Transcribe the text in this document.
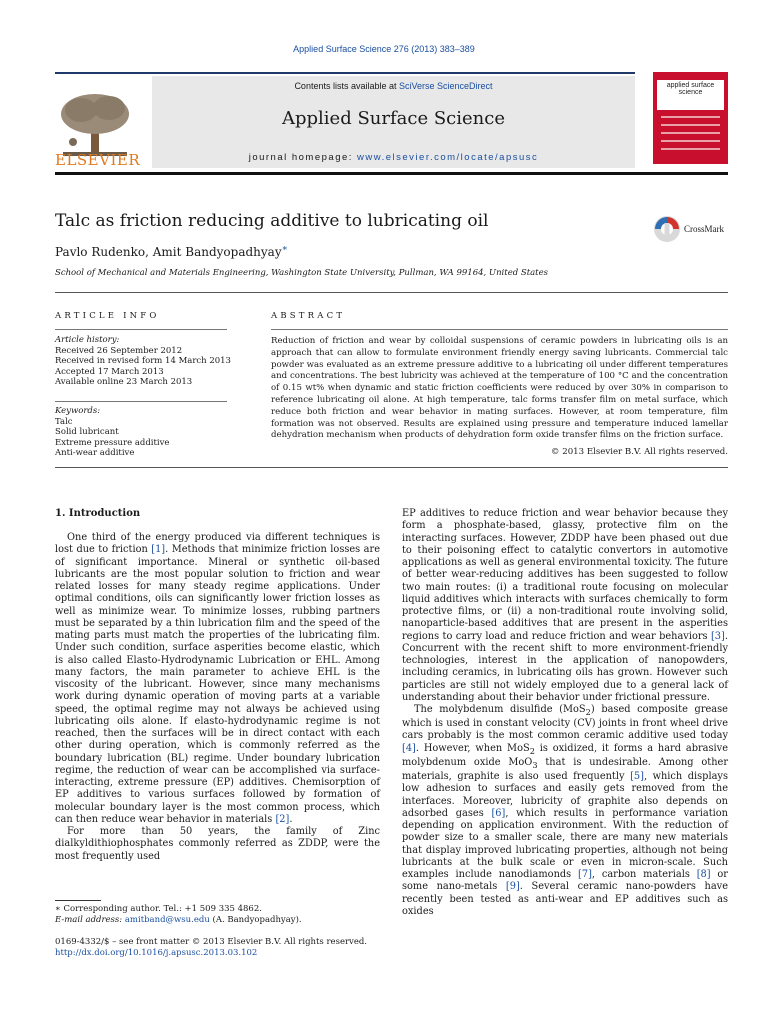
Applied Surface Science 276 (2013) 383–389
ELSEVIER
Contents lists available at SciVerse ScienceDirect
Applied Surface Science
journal homepage: www.elsevier.com/locate/apsusc
applied surface science
Talc as friction reducing additive to lubricating oil
Pavlo Rudenko, Amit Bandyopadhyay∗
School of Mechanical and Materials Engineering, Washington State University, Pullman, WA 99164, United States
CrossMark
ARTICLE INFO
Article history:
Received 26 September 2012
Received in revised form 14 March 2013
Accepted 17 March 2013
Available online 23 March 2013
Keywords:
Talc
Solid lubricant
Extreme pressure additive
Anti-wear additive
ABSTRACT
Reduction of friction and wear by colloidal suspensions of ceramic powders in lubricating oils is an approach that can allow to formulate environment friendly energy saving lubricants. Commercial talc powder was evaluated as an extreme pressure additive to a lubricating oil under different temperatures and concentrations. The best lubricity was achieved at the temperature of 100 °C and the concentration of 0.15 wt% when dynamic and static friction coefficients were reduced by over 30% in comparison to reference lubricating oil alone. At high temperature, talc forms transfer film on metal surface, which reduce both friction and wear behavior in mating surfaces. However, at room temperature, film formation was not observed. Results are explained using pressure and temperature induced lamellar dehydration mechanism when products of dehydration form oxide transfer films on the friction surface.
© 2013 Elsevier B.V. All rights reserved.
1. Introduction

One third of the energy produced via different techniques is lost due to friction [1]. Methods that minimize friction losses are of significant importance. Mineral or synthetic oil-based lubricants are the most popular solution to friction and wear related losses for many steady regime applications. Under optimal conditions, oils can significantly lower friction losses as well as minimize wear. To minimize losses, rubbing partners must be separated by a thin lubrication film and the speed of the mating parts must match the properties of the lubricating film. Under such condition, surface asperities become elastic, which is also called Elasto-Hydrodynamic Lubrication or EHL. Among many factors, the main parameter to achieve EHL is the viscosity of the lubricant. However, since many mechanisms work during dynamic operation of moving parts at a variable speed, the optimal regime may not always be achieved using lubricating oils alone. If elasto-hydrodynamic regime is not reached, then the surfaces will be in direct contact with each other during operation, which is commonly referred as the boundary lubrication (BL) regime. Under boundary lubrication regime, the reduction of wear can be accomplished via surface-interacting, extreme pressure (EP) additives. Chemisorption of EP additives to various surfaces followed by formation of molecular boundary layer is the most common process, which can then reduce wear behavior in materials [2].

For more than 50 years, the family of Zinc dialkyldithiophosphates commonly referred as ZDDP, were the most frequently used

EP additives to reduce friction and wear behavior because they form a phosphate-based, glassy, protective film on the interacting surfaces. However, ZDDP have been phased out due to their poisoning effect to catalytic convertors in automotive applications as well as general environmental toxicity. The future of better wear-reducing additives has been suggested to follow two main routes: (i) a traditional route focusing on molecular liquid additives which interacts with surfaces chemically to form protective films, or (ii) a non-traditional route involving solid, nanoparticle-based additives that are present in the asperities regions to carry load and reduce friction and wear behaviors [3]. Concurrent with the recent shift to more environment-friendly technologies, interest in the application of nanopowders, including ceramics, in lubricating oils has grown. However such particles are still not widely employed due to a general lack of understanding about their behavior under frictional pressure.

The molybdenum disulfide (MoS$_2$) based composite grease which is used in constant velocity (CV) joints in front wheel drive cars probably is the most common ceramic additive used today [4]. However, when MoS$_2$ is oxidized, it forms a hard abrasive molybdenum oxide MoO$_3$ that is undesirable. Among other materials, graphite is also used frequently [5], which displays low adhesion to surfaces and easily gets removed from the interfaces. Moreover, lubricity of graphite also depends on adsorbed gases [6], which results in performance variation depending on application environment. With the reduction of powder size to a smaller scale, there are many new materials that display improved lubricating properties, although not being lubricants at the bulk scale or even in micron-scale. Such examples include nanodiamonds [7], carbon materials [8] or some nano-metals [9]. Several ceramic nano-powders have recently been tested as anti-wear and EP additives such as oxides

∗ Corresponding author. Tel.: +1 509 335 4862.
E-mail address: amitband@wsu.edu (A. Bandyopadhyay).
0169-4332/$ – see front matter © 2013 Elsevier B.V. All rights reserved.
http://dx.doi.org/10.1016/j.apsusc.2013.03.102
